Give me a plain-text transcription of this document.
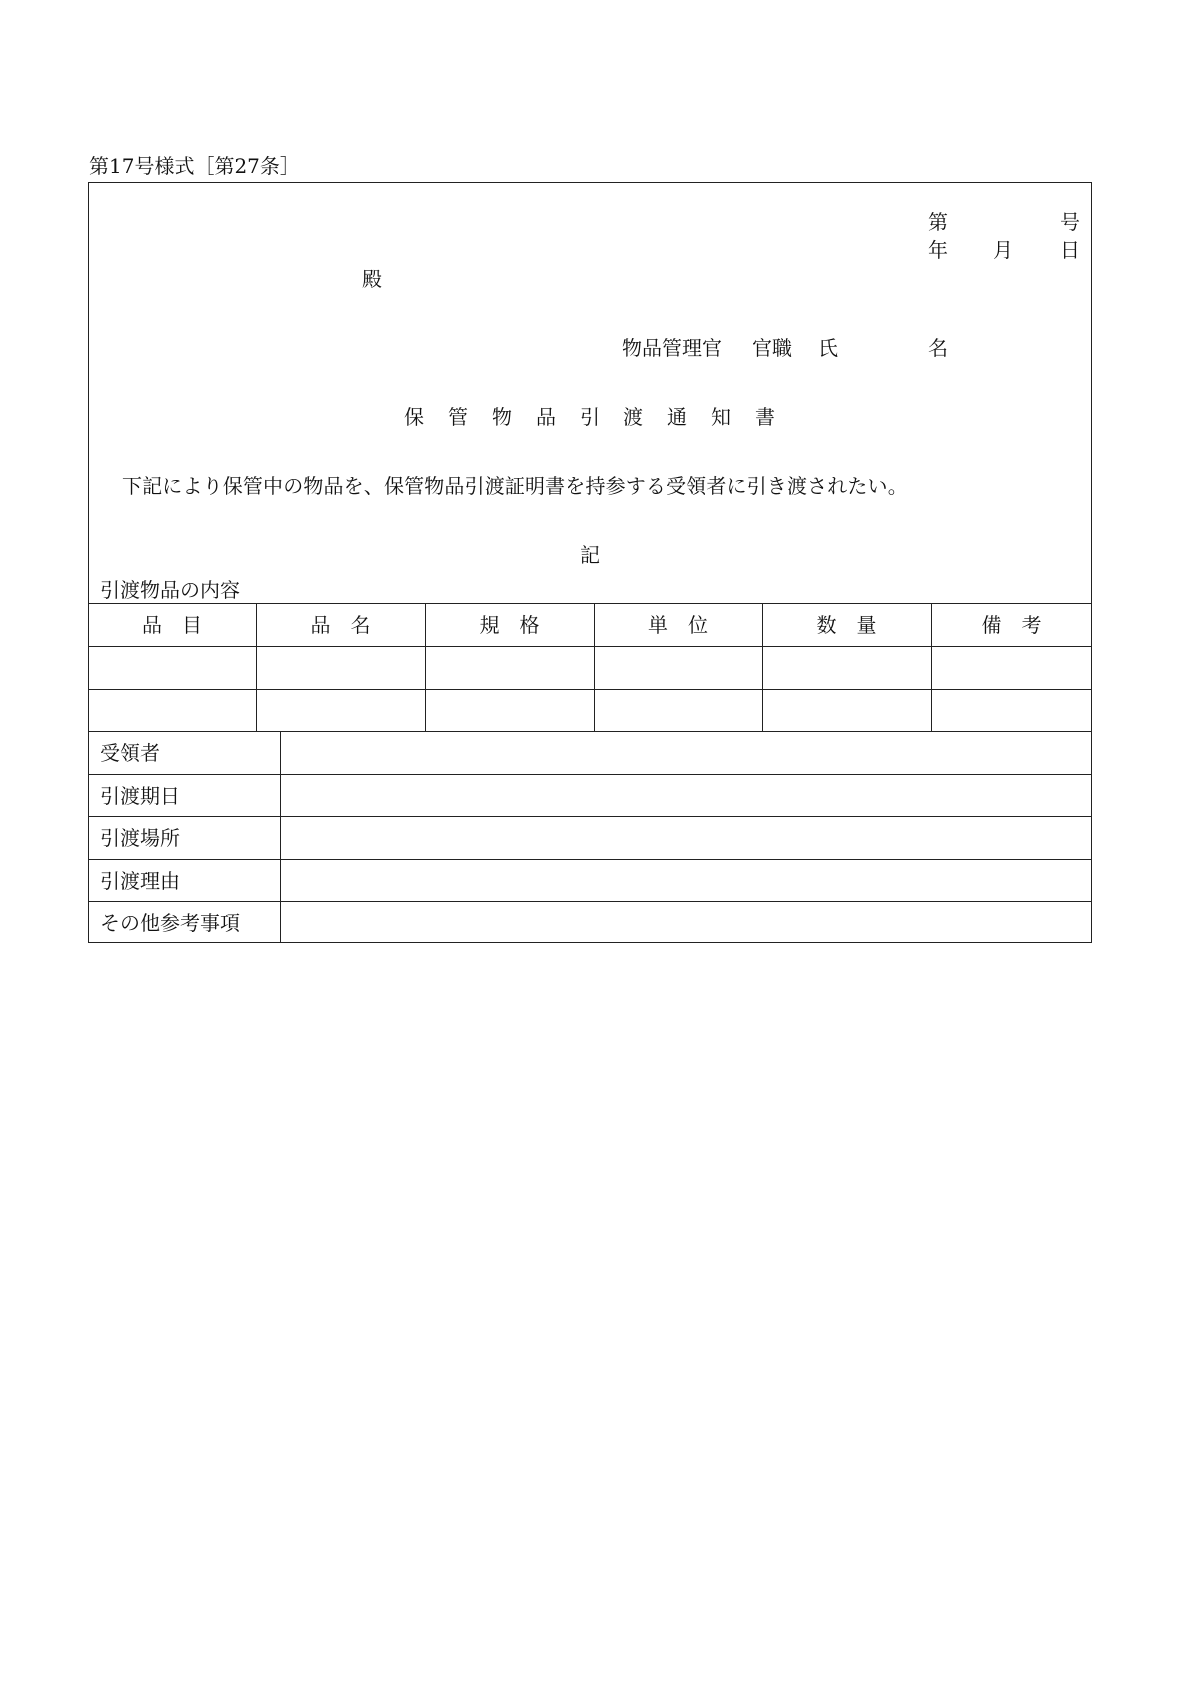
第17号様式［第27条］
第	号
年 月 日
殿
物品管理官 官職 氏	名
保 管 物 品 引 渡 通 知 書
下記により保管中の物品を、保管物品引渡証明書を持参する受領者に引き渡されたい。
記
引渡物品の内容
品　目	品　名	規　格	単　位	数　量	備　考
受領者
引渡期日
引渡場所
引渡理由
その他参考事項
